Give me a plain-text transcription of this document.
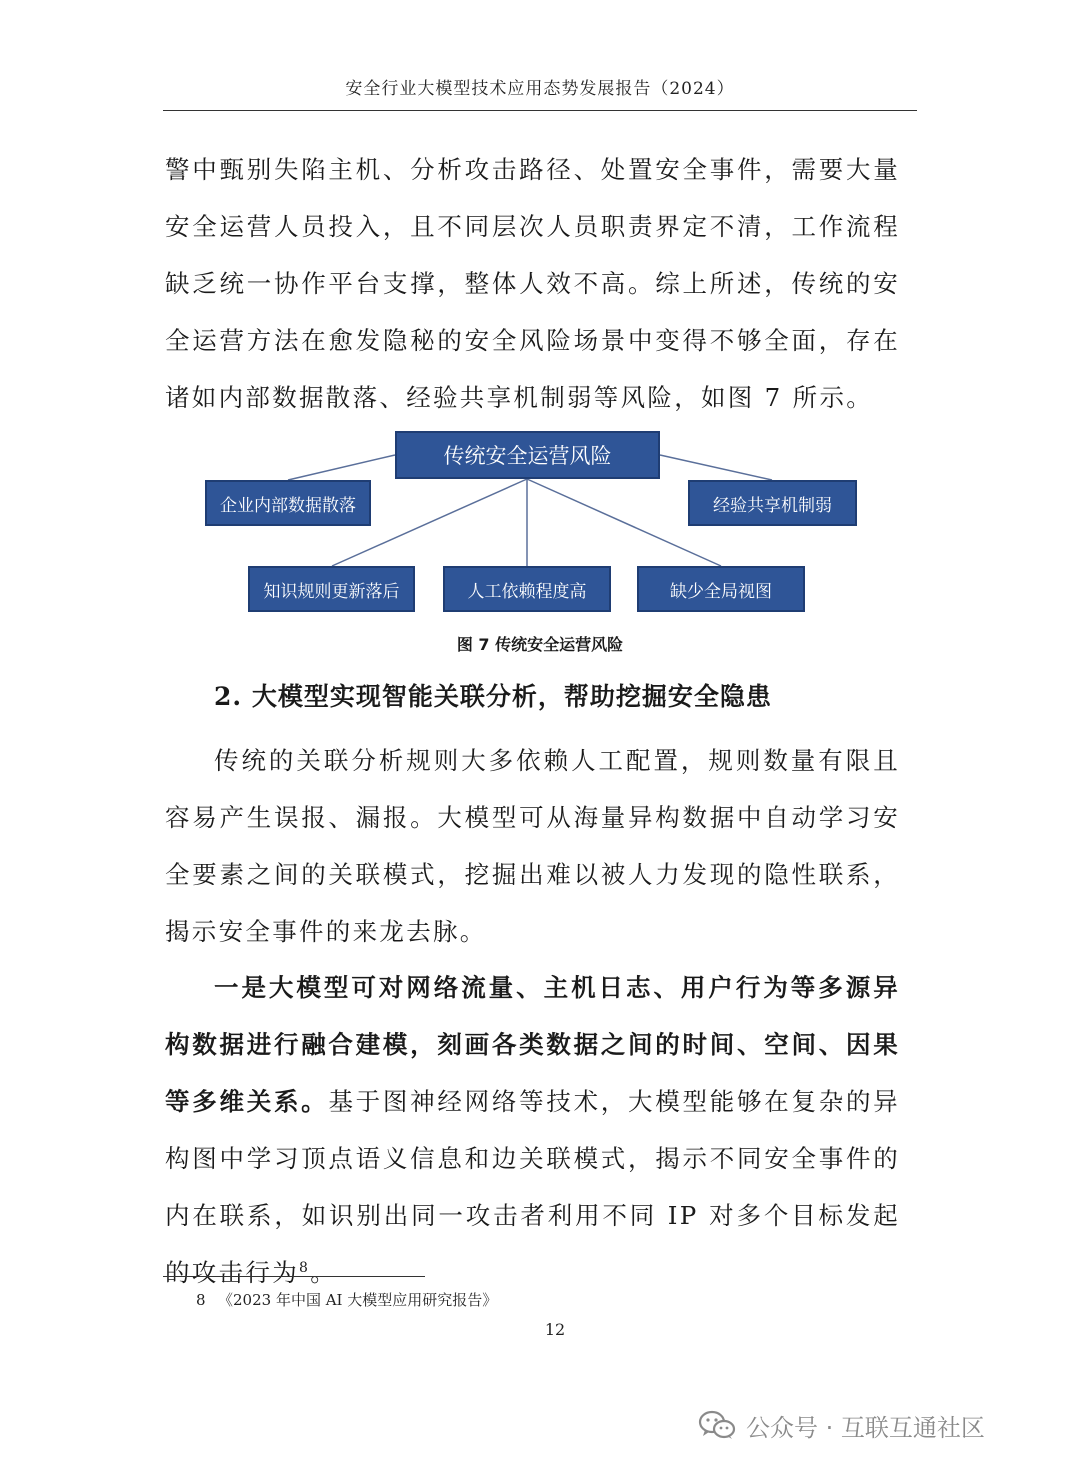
安全行业大模型技术应用态势发展报告（2024）

警中甄别失陷主机、分析攻击路径、处置安全事件，需要大量安全运营人员投入，且不同层次人员职责界定不清，工作流程缺乏统一协作平台支撑，整体人效不高。综上所述，传统的安全运营方法在愈发隐秘的安全风险场景中变得不够全面，存在诸如内部数据散落、经验共享机制弱等风险，如图 7 所示。

传统安全运营风险
企业内部数据散落	经验共享机制弱
知识规则更新落后	人工依赖程度高	缺少全局视图
图 7 传统安全运营风险
2. 大模型实现智能关联分析，帮助挖掘安全隐患

传统的关联分析规则大多依赖人工配置，规则数量有限且容易产生误报、漏报。大模型可从海量异构数据中自动学习安全要素之间的关联模式，挖掘出难以被人力发现的隐性联系，揭示安全事件的来龙去脉。

一是大模型可对网络流量、主机日志、用户行为等多源异构数据进行融合建模，刻画各类数据之间的时间、空间、因果等多维关系。基于图神经网络等技术，大模型能够在复杂的异构图中学习顶点语义信息和边关联模式，揭示不同安全事件的内在联系，如识别出同一攻击者利用不同 IP 对多个目标发起的攻击行为$^8$。

8 《2023 年中国 AI 大模型应用研究报告》
12
公众号 · 互联互通社区
